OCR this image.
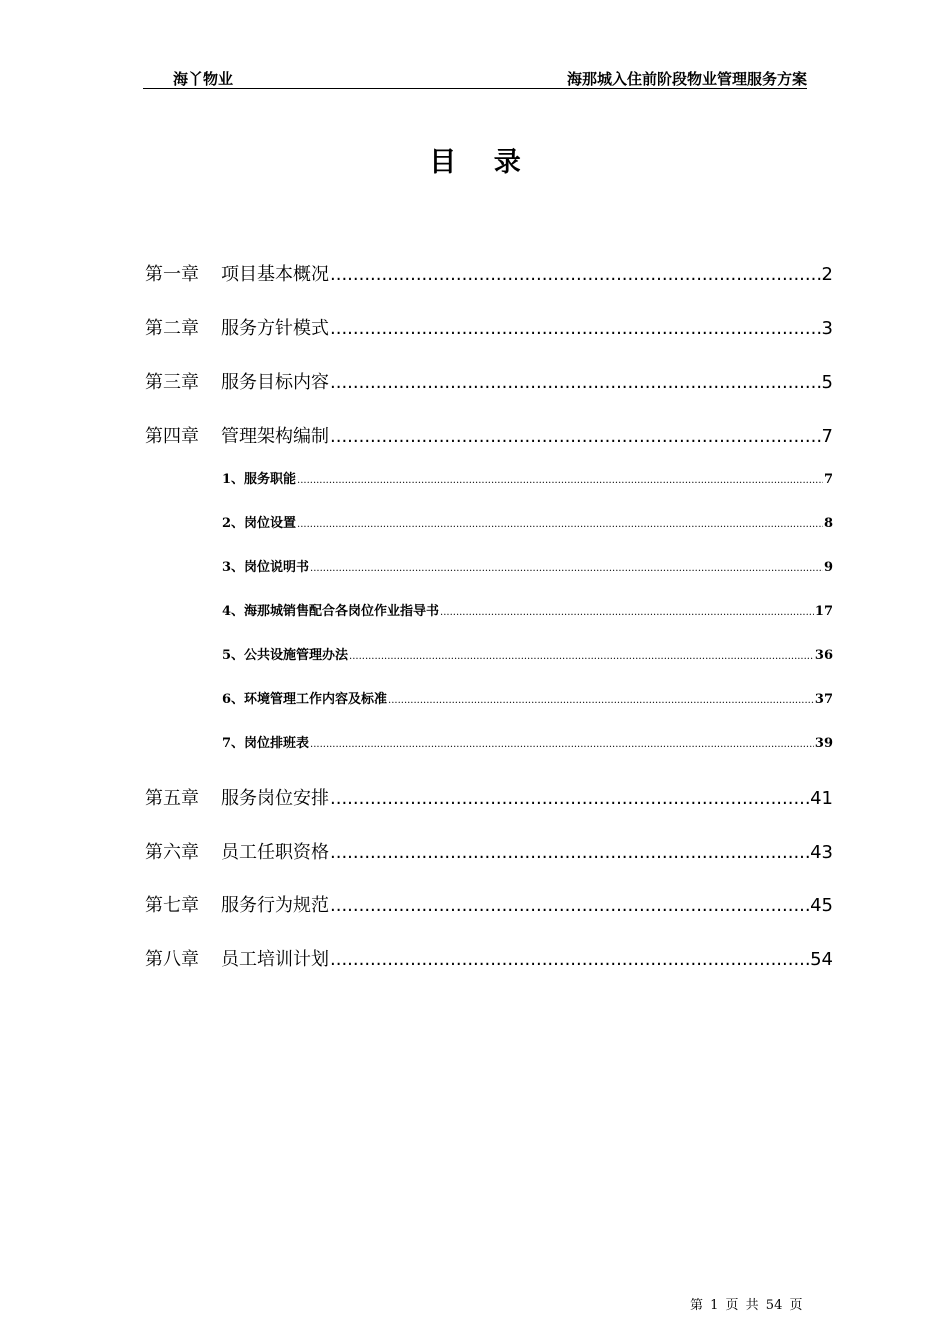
海丫物业	海那城入住前阶段物业管理服务方案
目 录
第一章	项目基本概况 .....	2
第二章	服务方针模式 .....	3
第三章	服务目标内容 .....	5
第四章	管理架构编制 .....	7
1、服务职能 .....	7
2、岗位设置 .....	8
3、岗位说明书 .....	9
4、海那城销售配合各岗位作业指导书 .....	17
5、公共设施管理办法 .....	36
6、环境管理工作内容及标准 .....	37
7、岗位排班表 .....	39
第五章	服务岗位安排 .....	41
第六章	员工任职资格 .....	43
第七章	服务行为规范 .....	45
第八章	员工培训计划 .....	54
第 1 页 共 54 页
